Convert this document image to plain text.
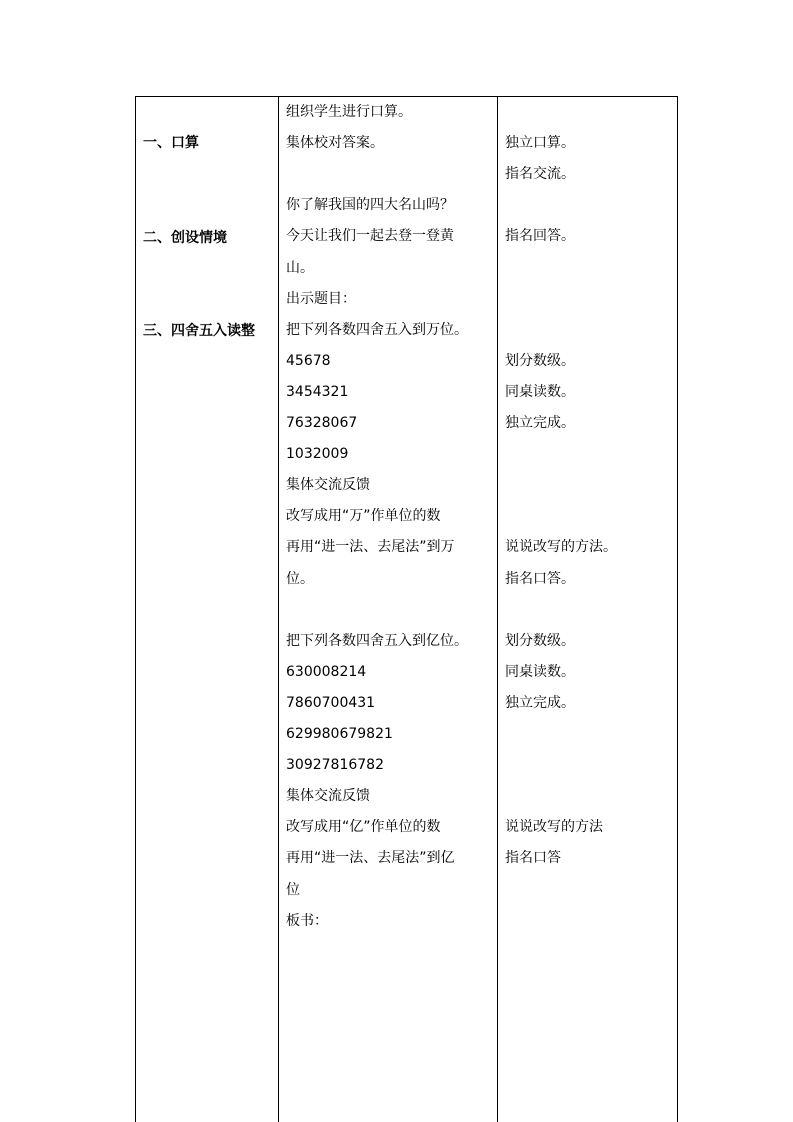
一、口算
二、创设情境
三、四舍五入读整
组织学生进行口算。
集体校对答案。
你了解我国的四大名山吗？
今天让我们一起去登一登黄
山。
出示题目：
把下列各数四舍五入到万位。
45678
3454321
76328067
1032009
集体交流反馈
改写成用“万”作单位的数
再用“进一法、去尾法”到万
位。
把下列各数四舍五入到亿位。
630008214
7860700431
629980679821
30927816782
集体交流反馈
改写成用“亿”作单位的数
再用“进一法、去尾法”到亿
位
板书：
独立口算。
指名交流。
指名回答。
划分数级。
同桌读数。
独立完成。
说说改写的方法。
指名口答。
划分数级。
同桌读数。
独立完成。
说说改写的方法
指名口答
